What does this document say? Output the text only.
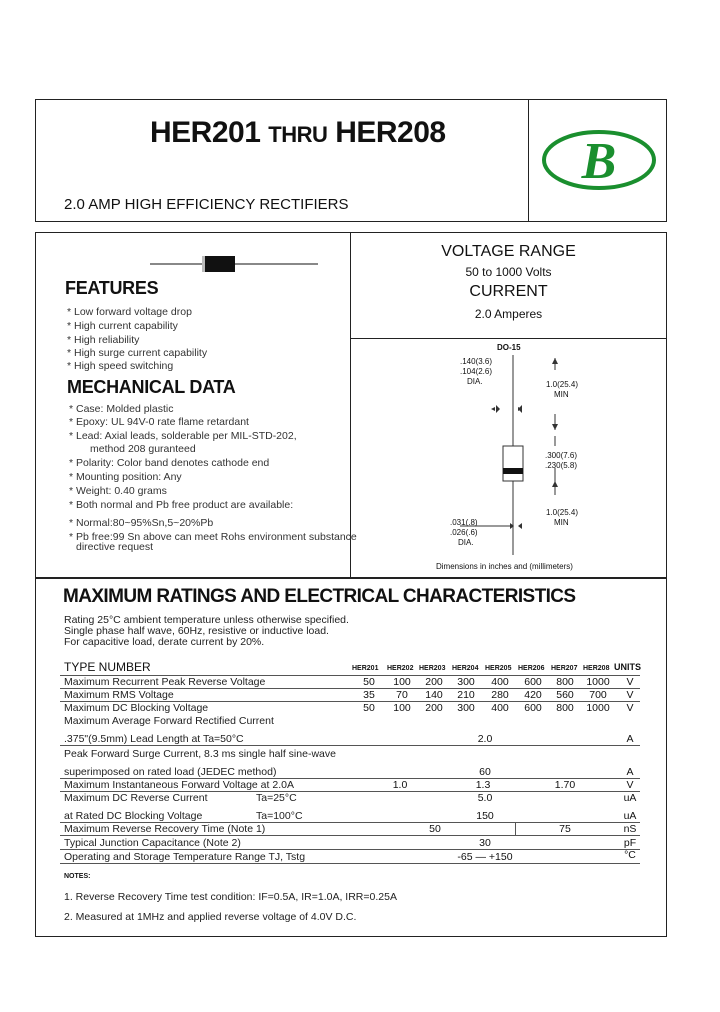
HER201 THRU HER208
2.0 AMP HIGH EFFICIENCY RECTIFIERS
B
FEATURES
* Low forward voltage drop
* High current capability
* High reliability
* High surge current capability
* High speed switching
MECHANICAL DATA
* Case: Molded plastic
* Epoxy: UL 94V-0 rate flame retardant
* Lead: Axial leads, solderable per MIL-STD-202,
method 208 guranteed
* Polarity: Color band denotes cathode end
* Mounting position: Any
* Weight: 0.40 grams
* Both normal and Pb free product are available:
* Normal:80~95%Sn,5~20%Pb
* Pb free:99 Sn above can meet Rohs environment substance
directive request
VOLTAGE RANGE
50 to 1000 Volts
CURRENT
2.0 Amperes
DO-15
.140(3.6)
.104(2.6)
DIA.	1.0(25.4)
MIN
.300(7.6)
.230(5.8)
1.0(25.4)
MIN
.031(.8)
.026(.6)
DIA.
Dimensions in inches and (millimeters)
MAXIMUM RATINGS AND ELECTRICAL CHARACTERISTICS
Rating 25°C ambient temperature unless otherwise specified.
Single phase half wave, 60Hz, resistive or inductive load.
For capacitive load, derate current by 20%.
TYPE NUMBER	HER201 HER202 HER203 HER204 HER205 HER206 HER207 HER208 UNITS
Maximum Recurrent Peak Reverse Voltage	50	100	200	300	400	600	800	1000	V
Maximum RMS Voltage	35	70	140	210	280	420	560	700	V
Maximum DC Blocking Voltage	50	100	200	300	400	600	800	1000	V
Maximum Average Forward Rectified Current
.375"(9.5mm) Lead Length at Ta=50°C	2.0	A
Peak Forward Surge Current, 8.3 ms single half sine-wave
superimposed on rated load (JEDEC method)	60	A
Maximum Instantaneous Forward Voltage at 2.0A	1.0	1.3	1.70	V
Maximum DC Reverse Current	Ta=25°C	5.0	uA
at Rated DC Blocking Voltage	Ta=100°C	150	uA
Maximum Reverse Recovery Time (Note 1)	50	75	nS
Typical Junction Capacitance (Note 2)	30	pF
Operating and Storage Temperature Range TJ, Tstg	-65 — +150	°C
NOTES:
1. Reverse Recovery Time test condition: IF=0.5A, IR=1.0A, IRR=0.25A
2. Measured at 1MHz and applied reverse voltage of 4.0V D.C.
